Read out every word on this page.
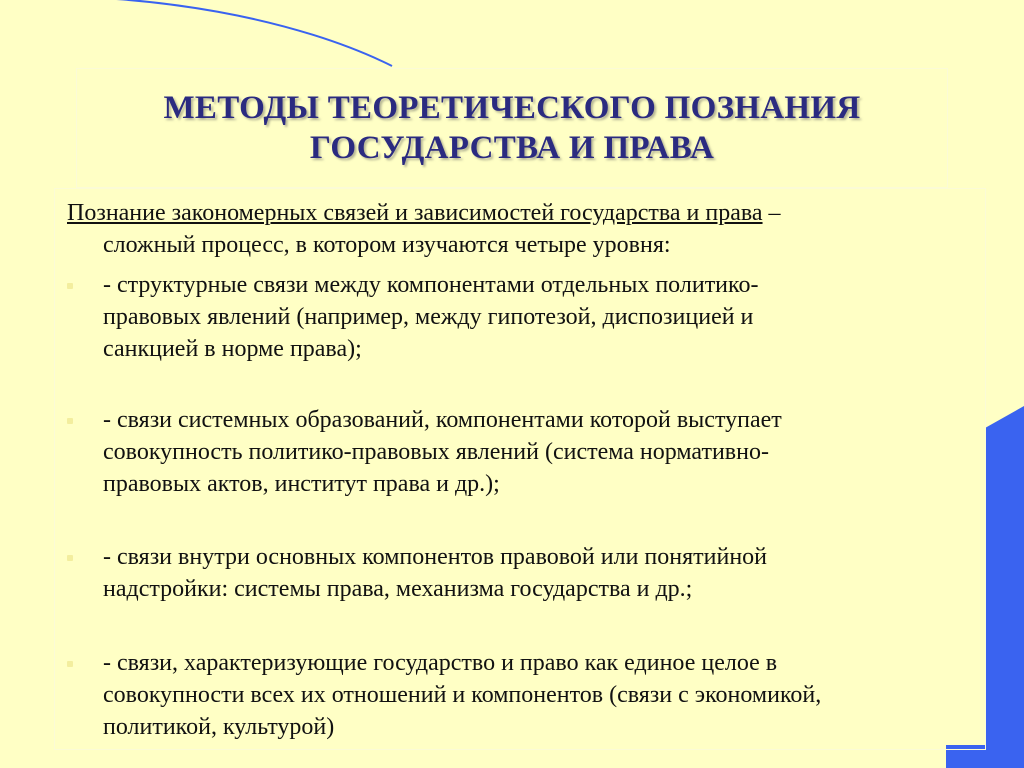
МЕТОДЫ ТЕОРЕТИЧЕСКОГО ПОЗНАНИЯ
ГОСУДАРСТВА И ПРАВА
Познание закономерных связей и зависимостей государства и права –
сложный процесс, в котором изучаются четыре уровня:
- структурные связи между компонентами отдельных политико-
правовых явлений (например, между гипотезой, диспозицией и
санкцией в норме права);
- связи системных образований, компонентами которой выступает
совокупность политико-правовых явлений (система нормативно-
правовых актов, институт права и др.);
- связи внутри основных компонентов правовой или понятийной
надстройки: системы права, механизма государства и др.;
- связи, характеризующие государство и право как единое целое в
совокупности всех их отношений и компонентов (связи с экономикой,
политикой, культурой)
